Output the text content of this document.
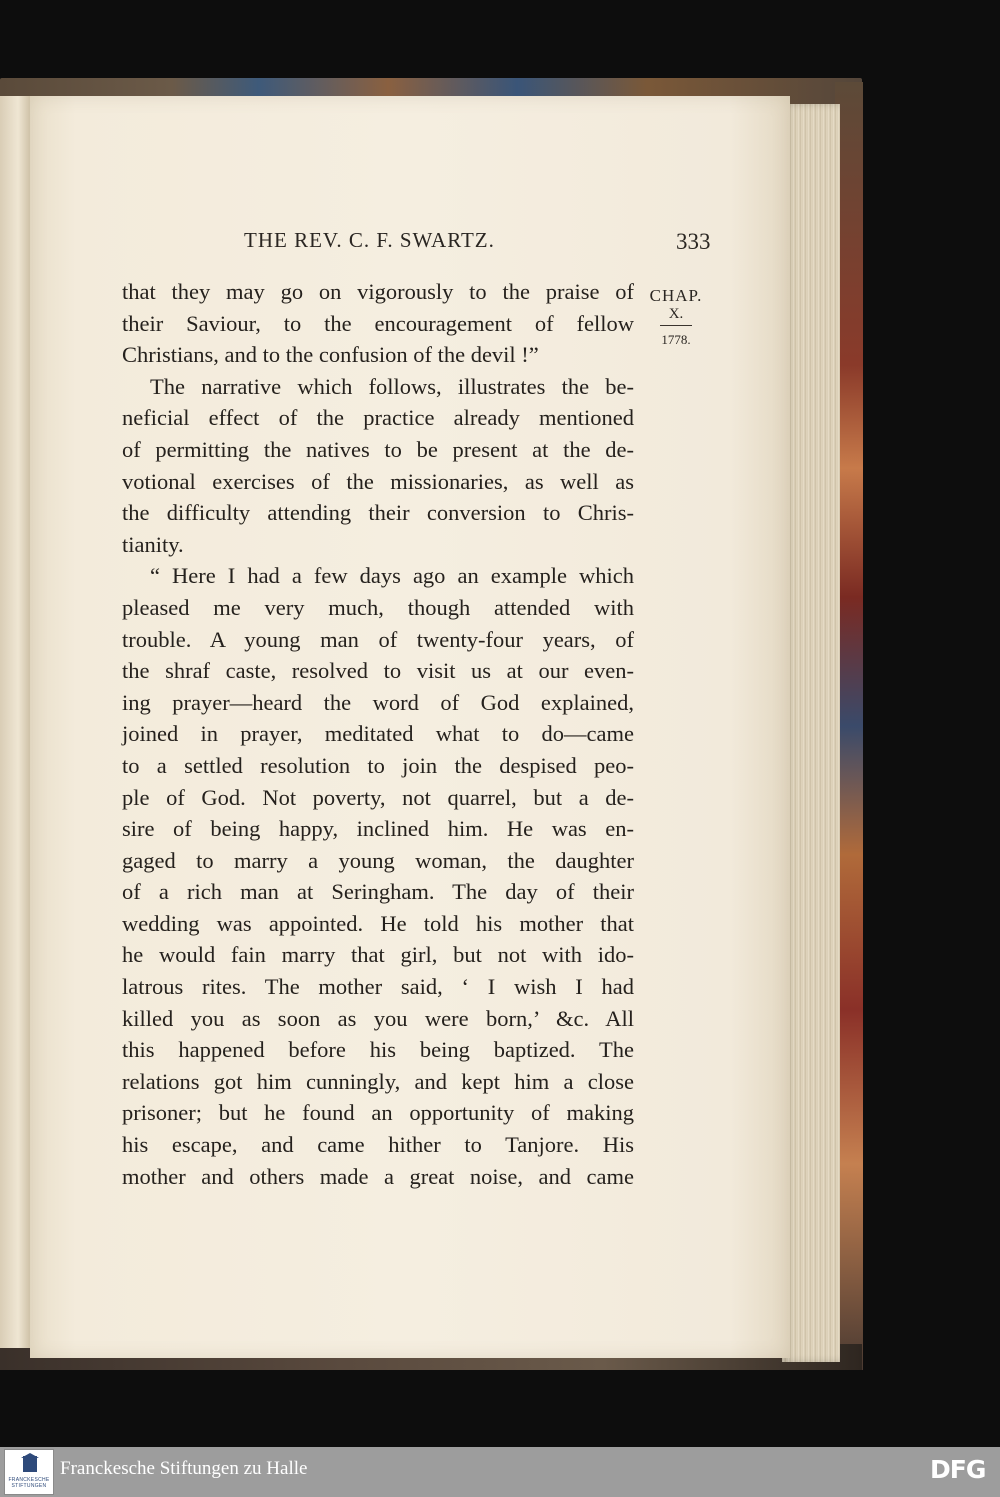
THE REV. C. F. SWARTZ.	333
CHAP.
X.
1778.
that they may go on vigorously to the praise of
their Saviour, to the encouragement of fellow
Christians, and to the confusion of the devil !”
The narrative which follows, illustrates the be-
neficial effect of the practice already mentioned
of permitting the natives to be present at the de-
votional exercises of the missionaries, as well as
the difficulty attending their conversion to Chris-
tianity.
“ Here I had a few days ago an example which
pleased me very much, though attended with
trouble. A young man of twenty-four years, of
the shraf caste, resolved to visit us at our even-
ing prayer—heard the word of God explained,
joined in prayer, meditated what to do—came
to a settled resolution to join the despised peo-
ple of God. Not poverty, not quarrel, but a de-
sire of being happy, inclined him. He was en-
gaged to marry a young woman, the daughter
of a rich man at Seringham. The day of their
wedding was appointed. He told his mother that
he would fain marry that girl, but not with ido-
latrous rites. The mother said, ‘ I wish I had
killed you as soon as you were born,’ &c. All
this happened before his being baptized. The
relations got him cunningly, and kept him a close
prisoner; but he found an opportunity of making
his escape, and came hither to Tanjore. His
mother and others made a great noise, and came
FRANCKESCHE
STIFTUNGEN
Franckesche Stiftungen zu Halle	DFG
